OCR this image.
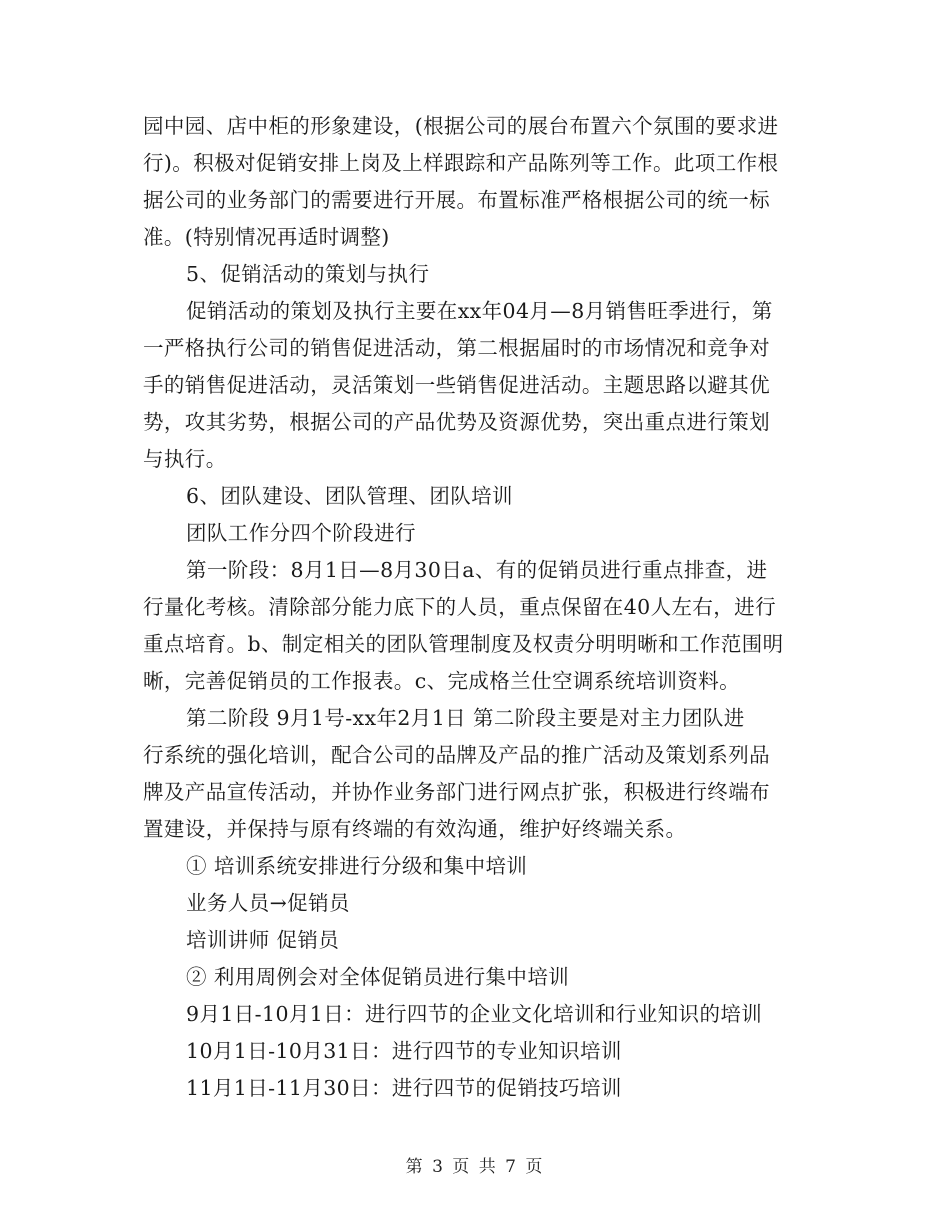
园中园、店中柜的形象建设，(根据公司的展台布置六个氛围的要求进
行)。积极对促销安排上岗及上样跟踪和产品陈列等工作。此项工作根
据公司的业务部门的需要进行开展。布置标准严格根据公司的统一标
准。(特别情况再适时调整)
5、促销活动的策划与执行
促销活动的策划及执行主要在xx年04月—8月销售旺季进行，第
一严格执行公司的销售促进活动，第二根据届时的市场情况和竞争对
手的销售促进活动，灵活策划一些销售促进活动。主题思路以避其优
势，攻其劣势，根据公司的产品优势及资源优势，突出重点进行策划
与执行。
6、团队建设、团队管理、团队培训
团队工作分四个阶段进行
第一阶段：8月1日—8月30日a、有的促销员进行重点排查，进
行量化考核。清除部分能力底下的人员，重点保留在40人左右，进行
重点培育。b、制定相关的团队管理制度及权责分明明晰和工作范围明
晰，完善促销员的工作报表。c、完成格兰仕空调系统培训资料。
第二阶段 9月1号-xx年2月1日 第二阶段主要是对主力团队进
行系统的强化培训，配合公司的品牌及产品的推广活动及策划系列品
牌及产品宣传活动，并协作业务部门进行网点扩张，积极进行终端布
置建设，并保持与原有终端的有效沟通，维护好终端关系。
① 培训系统安排进行分级和集中培训
业务人员→促销员
培训讲师 促销员
② 利用周例会对全体促销员进行集中培训
9月1日-10月1日：进行四节的企业文化培训和行业知识的培训
10月1日-10月31日：进行四节的专业知识培训
11月1日-11月30日：进行四节的促销技巧培训
第 3 页 共 7 页
